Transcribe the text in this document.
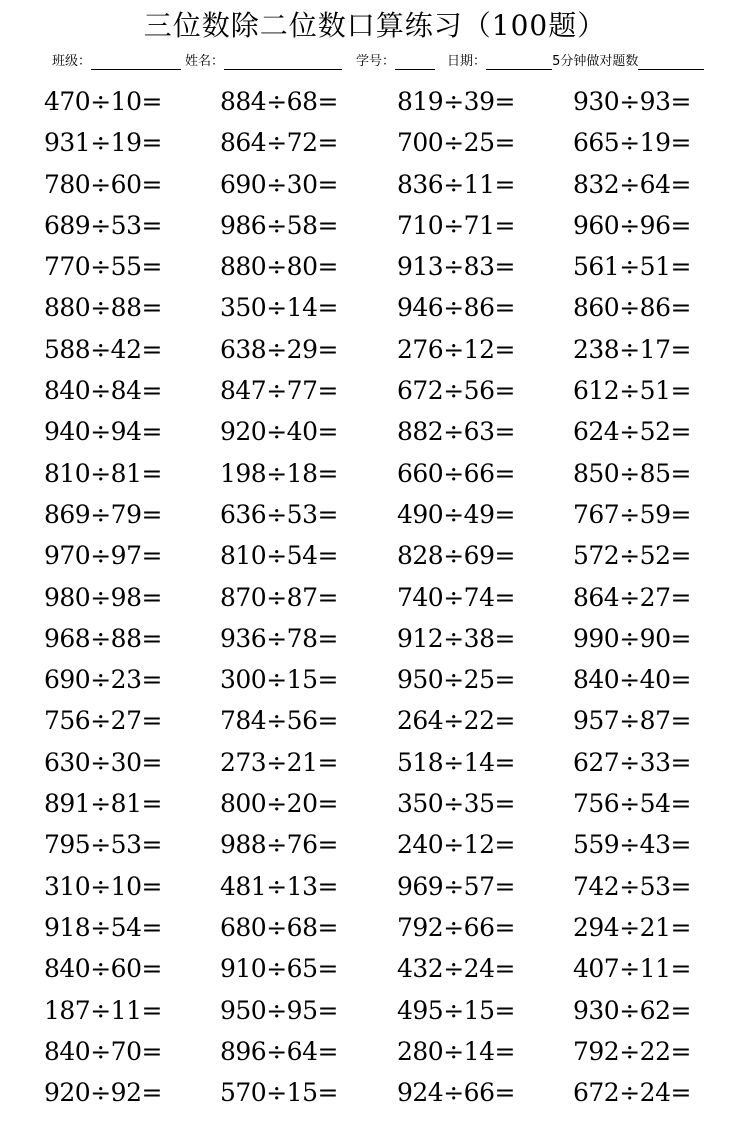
三位数除二位数口算练习（100题）
班级：	姓名：	学号：	日期：	5分钟做对题数
470÷10=	884÷68=	819÷39=	930÷93=
931÷19=	864÷72=	700÷25=	665÷19=
780÷60=	690÷30=	836÷11=	832÷64=
689÷53=	986÷58=	710÷71=	960÷96=
770÷55=	880÷80=	913÷83=	561÷51=
880÷88=	350÷14=	946÷86=	860÷86=
588÷42=	638÷29=	276÷12=	238÷17=
840÷84=	847÷77=	672÷56=	612÷51=
940÷94=	920÷40=	882÷63=	624÷52=
810÷81=	198÷18=	660÷66=	850÷85=
869÷79=	636÷53=	490÷49=	767÷59=
970÷97=	810÷54=	828÷69=	572÷52=
980÷98=	870÷87=	740÷74=	864÷27=
968÷88=	936÷78=	912÷38=	990÷90=
690÷23=	300÷15=	950÷25=	840÷40=
756÷27=	784÷56=	264÷22=	957÷87=
630÷30=	273÷21=	518÷14=	627÷33=
891÷81=	800÷20=	350÷35=	756÷54=
795÷53=	988÷76=	240÷12=	559÷43=
310÷10=	481÷13=	969÷57=	742÷53=
918÷54=	680÷68=	792÷66=	294÷21=
840÷60=	910÷65=	432÷24=	407÷11=
187÷11=	950÷95=	495÷15=	930÷62=
840÷70=	896÷64=	280÷14=	792÷22=
920÷92=	570÷15=	924÷66=	672÷24=
